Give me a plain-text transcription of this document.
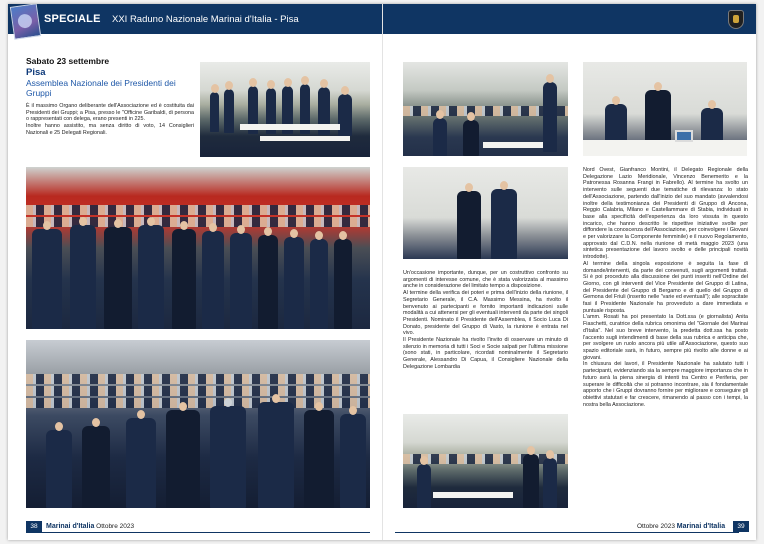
SPECIALE XXI Raduno Nazionale Marinai d'Italia - Pisa
Sabato 23 settembre
Pisa
Assemblea Nazionale dei Presidenti dei Gruppi

È il massimo Organo deliberante dell'Associazione ed è costituita dai Presidenti dei Gruppi; a Pisa, presso le "Officine Garibaldi, di persona o rappresentati con delega, erano presenti in 225.

Inoltre hanno assistito, ma senza diritto di voto, 14 Consiglieri Nazionali e 25 Delegati Regionali.

38	Marinai d'Italia Ottobre 2023

Un'occasione importante, dunque, per un costruttivo confronto su argomenti di interesse comune, che è stata valorizzata al massimo anche in considerazione del limitato tempo a disposizione.

Al termine della verifica dei poteri e prima dell'inizio della riunione, il Segretario Generale, il C.A. Massimo Messina, ha rivolto il benvenuto ai partecipanti e fornito importanti indicazioni sulle modalità a cui attenersi per gli eventuali interventi da parte dei singoli Presidenti. Nominato il Presidente dell'Assemblea, il Socio Luca Di Donato, presidente del Gruppo di Vasto, la riunione è entrata nel vivo.

Il Presidente Nazionale ha rivolto l'invito di osservare un minuto di silenzio in memoria di tutti i Soci e Socie salpati per l'ultima missione (sono stati, in particolare, ricordati nominalmente il Segretario Generale, Alessandro Di Capua, il Consigliere Nazionale della Delegazione Lombardia

Nord Ovest, Gianfranco Montini, il Delegato Regionale della Delegazione Lazio Meridionale, Vincenzo Benemerito e la Patronessa Rosanna Frangi in Fabrello). Al termine ha svolto un intervento sulle seguenti due tematiche di rilevanza: lo stato dell'Associazione, partendo dall'inizio del suo mandato (avvalendosi inoltre della testimonianza dei Presidenti di Gruppo di Ancona, Reggio Calabria, Milano e Castellammare di Stabia, individuati in base alla specificità dell'esperienza da loro vissuta in questo incarico, che hanno descritto le rispettive iniziative svolte per diffondere la conoscenza dell'Associazione, per coinvolgere i Giovani e per valorizzare la Componente femminile) e il nuovo Regolamento, approvato dal C.D.N. nella riunione di metà maggio 2023 (una sintetica presentazione del lavoro svolto e delle principali novità introdotte).

Al termine della singola esposizione è seguita la fase di domande/interventi, da parte dei convenuti, sugli argomenti trattati. Si è poi proceduto alla discussione dei punti inseriti nell'Ordine del Giorno, con gli interventi del Vice Presidente del Gruppo di Latina, del Presidente del Gruppo di Bergamo e di quello del Gruppo di Gemona del Friuli (inserito nelle "varie ed eventuali"); alle sopracitate fasi il Presidente Nazionale ha provveduto a dare immediata e puntuale risposta.

L'amm. Rosati ha poi presentato la Dott.ssa (e giornalista) Anita Fiaschetti, curatrice della rubrica omonima del "Giornale dei Marinai d'Italia". Nel suo breve intervento, la predetta dott.ssa ha posto l'accento sugli intendimenti di base della sua rubrica e anticipa che, per svolgere un ruolo ancora più utile all'Associazione, questo suo spazio editoriale sarà, in futuro, sempre più rivolto alle donne e ai giovani.

In chiusura dei lavori, il Presidente Nazionale ha salutato tutti i partecipanti, evidenziando sia la sempre maggiore importanza che in futuro avrà la piena sinergia di intenti tra Centro e Periferia, per superare le difficoltà che si potranno incontrare, sia il fondamentale apporto che i Gruppi dovranno fornire per migliorare e conseguire gli obiettivi statutari e far crescere, rimanendo al passo con i tempi, la nostra bella Associazione.

Ottobre 2023 Marinai d'Italia	39
